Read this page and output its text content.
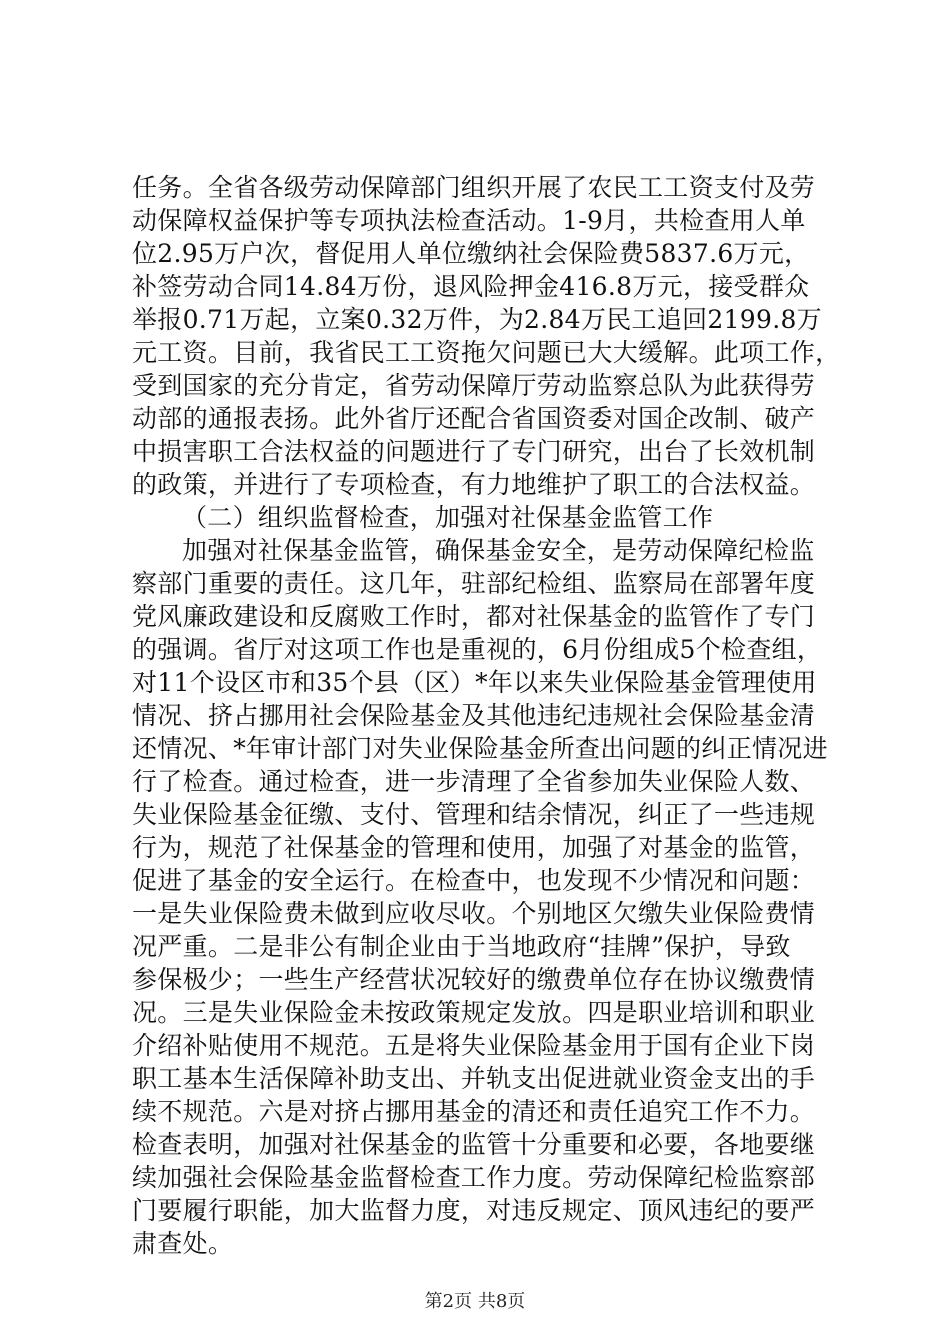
任务。全省各级劳动保障部门组织开展了农民工工资支付及劳
动保障权益保护等专项执法检查活动。1-9月，共检查用人单
位2.95万户次，督促用人单位缴纳社会保险费5837.6万元，
补签劳动合同14.84万份，退风险押金416.8万元，接受群众
举报0.71万起，立案0.32万件，为2.84万民工追回2199.8万
元工资。目前，我省民工工资拖欠问题已大大缓解。此项工作，
受到国家的充分肯定，省劳动保障厅劳动监察总队为此获得劳
动部的通报表扬。此外省厅还配合省国资委对国企改制、破产
中损害职工合法权益的问题进行了专门研究，出台了长效机制
的政策，并进行了专项检查，有力地维护了职工的合法权益。
（二）组织监督检查，加强对社保基金监管工作
加强对社保基金监管，确保基金安全，是劳动保障纪检监
察部门重要的责任。这几年，驻部纪检组、监察局在部署年度
党风廉政建设和反腐败工作时，都对社保基金的监管作了专门
的强调。省厅对这项工作也是重视的，6月份组成5个检查组，
对11个设区市和35个县（区）*年以来失业保险基金管理使用
情况、挤占挪用社会保险基金及其他违纪违规社会保险基金清
还情况、*年审计部门对失业保险基金所查出问题的纠正情况进
行了检查。通过检查，进一步清理了全省参加失业保险人数、
失业保险基金征缴、支付、管理和结余情况，纠正了一些违规
行为，规范了社保基金的管理和使用，加强了对基金的监管，
促进了基金的安全运行。在检查中，也发现不少情况和问题：
一是失业保险费未做到应收尽收。个别地区欠缴失业保险费情
况严重。二是非公有制企业由于当地政府“挂牌”保护，导致
参保极少；一些生产经营状况较好的缴费单位存在协议缴费情
况。三是失业保险金未按政策规定发放。四是职业培训和职业
介绍补贴使用不规范。五是将失业保险基金用于国有企业下岗
职工基本生活保障补助支出、并轨支出促进就业资金支出的手
续不规范。六是对挤占挪用基金的清还和责任追究工作不力。
检查表明，加强对社保基金的监管十分重要和必要，各地要继
续加强社会保险基金监督检查工作力度。劳动保障纪检监察部
门要履行职能，加大监督力度，对违反规定、顶风违纪的要严
肃查处。
第2页 共8页
